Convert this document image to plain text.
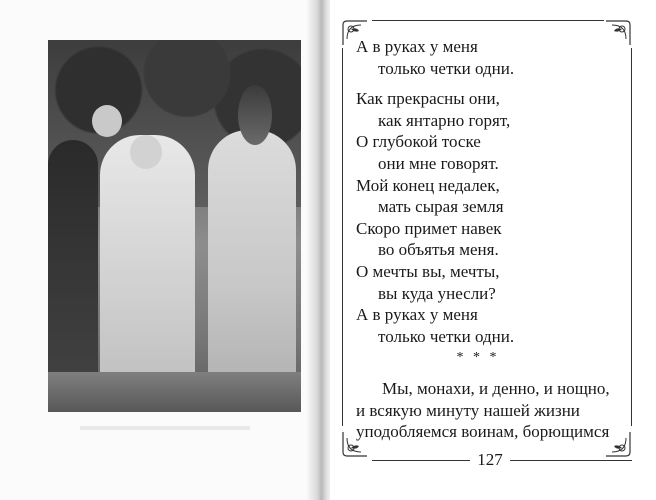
А в руках у меня
только четки одни.
Как прекрасны они,
как янтарно горят,
О глубокой тоске
они мне говорят.
Мой конец недалек,
мать сырая земля
Скоро примет навек
во объятья меня.
О мечты вы, мечты,
вы куда унесли?
А в руках у меня
только четки одни.
* * *
Мы, монахи, и денно, и нощно,
и всякую минуту нашей жизни
уподобляемся воинам, борющимся
127
